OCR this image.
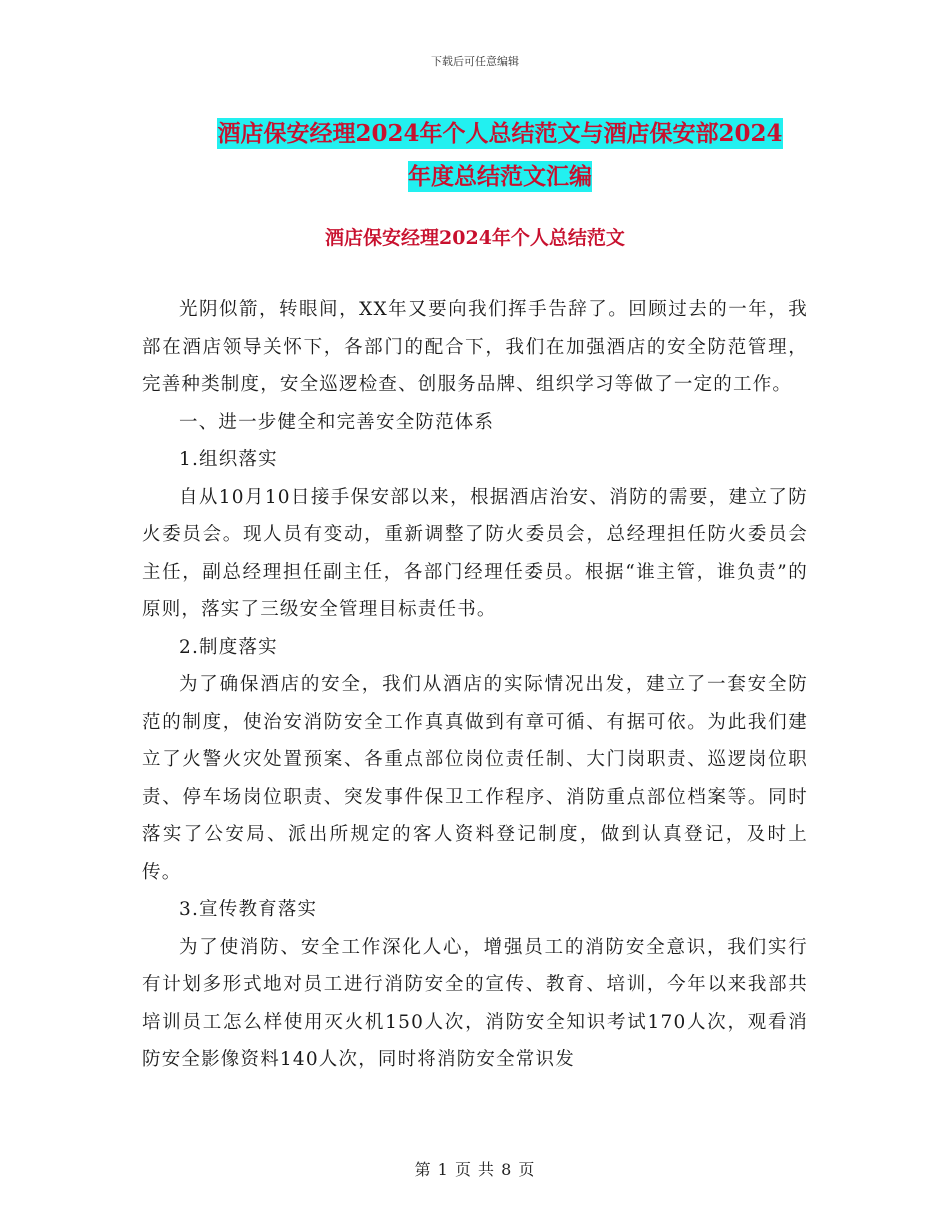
下载后可任意编辑
酒店保安经理2024年个人总结范文与酒店保安部2024
年度总结范文汇编
酒店保安经理2024年个人总结范文

光阴似箭，转眼间，XX年又要向我们挥手告辞了。回顾过去的一年，我部在酒店领导关怀下，各部门的配合下，我们在加强酒店的安全防范管理，完善种类制度，安全巡逻检查、创服务品牌、组织学习等做了一定的工作。

一、进一步健全和完善安全防范体系

1.组织落实

自从10月10日接手保安部以来，根据酒店治安、消防的需要，建立了防火委员会。现人员有变动，重新调整了防火委员会，总经理担任防火委员会主任，副总经理担任副主任，各部门经理任委员。根据“谁主管，谁负责”的原则，落实了三级安全管理目标责任书。

2.制度落实

为了确保酒店的安全，我们从酒店的实际情况出发，建立了一套安全防范的制度，使治安消防安全工作真真做到有章可循、有据可依。为此我们建立了火警火灾处置预案、各重点部位岗位责任制、大门岗职责、巡逻岗位职责、停车场岗位职责、突发事件保卫工作程序、消防重点部位档案等。同时落实了公安局、派出所规定的客人资料登记制度，做到认真登记，及时上传。

3.宣传教育落实

为了使消防、安全工作深化人心，增强员工的消防安全意识，我们实行有计划多形式地对员工进行消防安全的宣传、教育、培训，今年以来我部共培训员工怎么样使用灭火机150人次，消防安全知识考试170人次，观看消防安全影像资料140人次，同时将消防安全常识发

第 1 页 共 8 页
